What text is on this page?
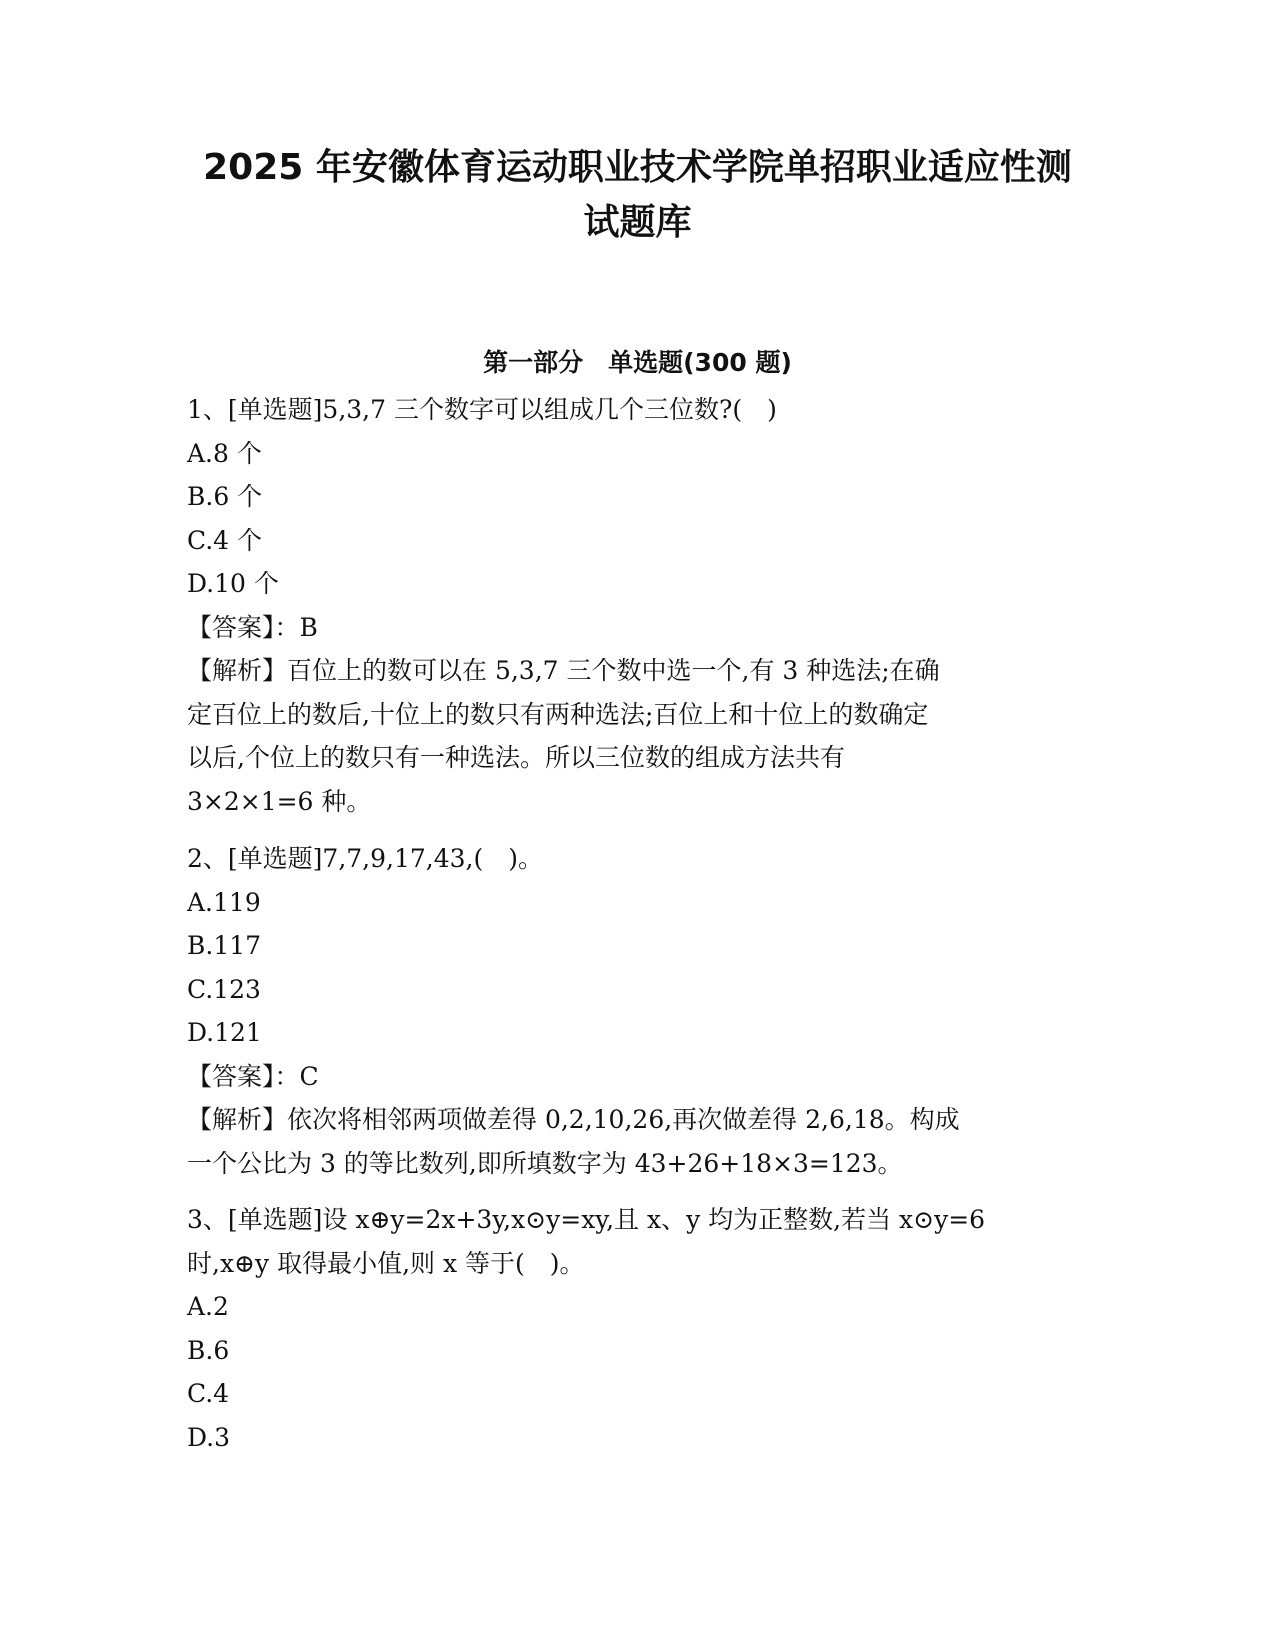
2025 年安徽体育运动职业技术学院单招职业适应性测
试题库
第一部分　单选题(300 题)
1、[单选题]5,3,7 三个数字可以组成几个三位数?(　)
A.8 个
B.6 个
C.4 个
D.10 个
【答案】：B
【解析】百位上的数可以在 5,3,7 三个数中选一个,有 3 种选法;在确
定百位上的数后,十位上的数只有两种选法;百位上和十位上的数确定
以后,个位上的数只有一种选法。所以三位数的组成方法共有
3×2×1=6 种。
2、[单选题]7,7,9,17,43,(　)。
A.119
B.117
C.123
D.121
【答案】：C
【解析】依次将相邻两项做差得 0,2,10,26,再次做差得 2,6,18。构成
一个公比为 3 的等比数列,即所填数字为 43+26+18×3=123。
3、[单选题]设 x⊕y=2x+3y,x⊙y=xy,且 x、y 均为正整数,若当 x⊙y=6
时,x⊕y 取得最小值,则 x 等于(　)。
A.2
B.6
C.4
D.3
